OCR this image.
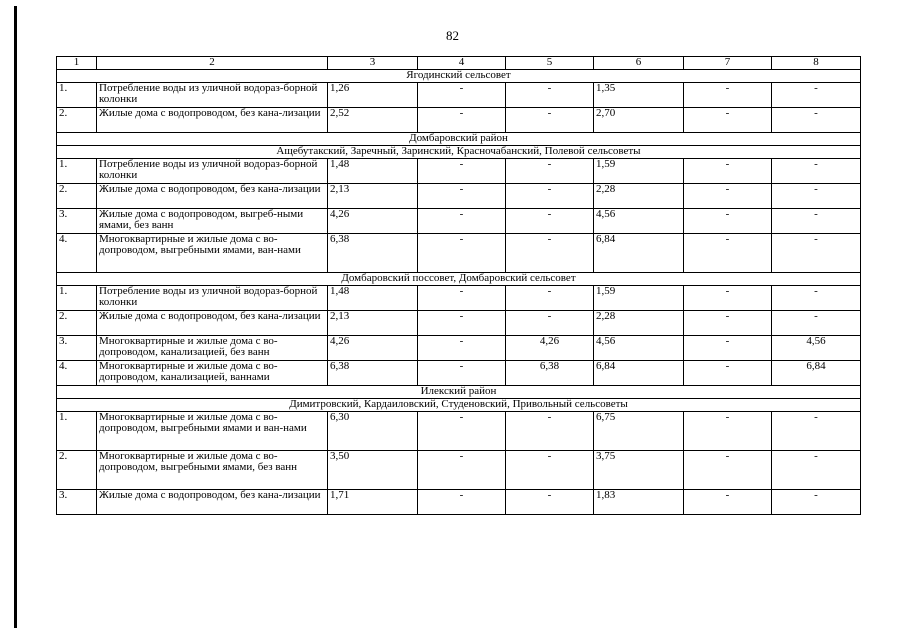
82
1	2	3	4	5	6	7	8
Ягодинский сельсовет							
1.	Потребление воды из уличной водораз-борной колонки	1,26	-	-	1,35	-	-
2.	Жилые дома с водопроводом, без кана-лизации	2,52	-	-	2,70	-	-
Домбаровский район							
Ащебутакский, Заречный, Заринский, Красночабанский, Полевой сельсоветы							
1.	Потребление воды из уличной водораз-борной колонки	1,48	-	-	1,59	-	-
2.	Жилые дома с водопроводом, без кана-лизации	2,13	-	-	2,28	-	-
3.	Жилые дома с водопроводом, выгреб-ными ямами, без ванн	4,26	-	-	4,56	-	-
4.	Многоквартирные и жилые дома с во-допроводом, выгребными ямами, ван-нами	6,38	-	-	6,84	-	-
Домбаровский поссовет, Домбаровский сельсовет							
1.	Потребление воды из уличной водораз-борной колонки	1,48	-	-	1,59	-	-
2.	Жилые дома с водопроводом, без кана-лизации	2,13	-	-	2,28	-	-
3.	Многоквартирные и жилые дома с во-допроводом, канализацией, без ванн	4,26	-	4,26	4,56	-	4,56
4.	Многоквартирные и жилые дома с во-допроводом, канализацией, ваннами	6,38	-	6,38	6,84	-	6,84
Илекский район							
Димитровский, Кардаиловский, Студеновский, Привольный сельсоветы							
1.	Многоквартирные и жилые дома с во-допроводом, выгребными ямами и ван-нами	6,30	-	-	6,75	-	-
2.	Многоквартирные и жилые дома с во-допроводом, выгребными ямами, без ванн	3,50	-	-	3,75	-	-
3.	Жилые дома с водопроводом, без кана-лизации	1,71	-	-	1,83	-	-
